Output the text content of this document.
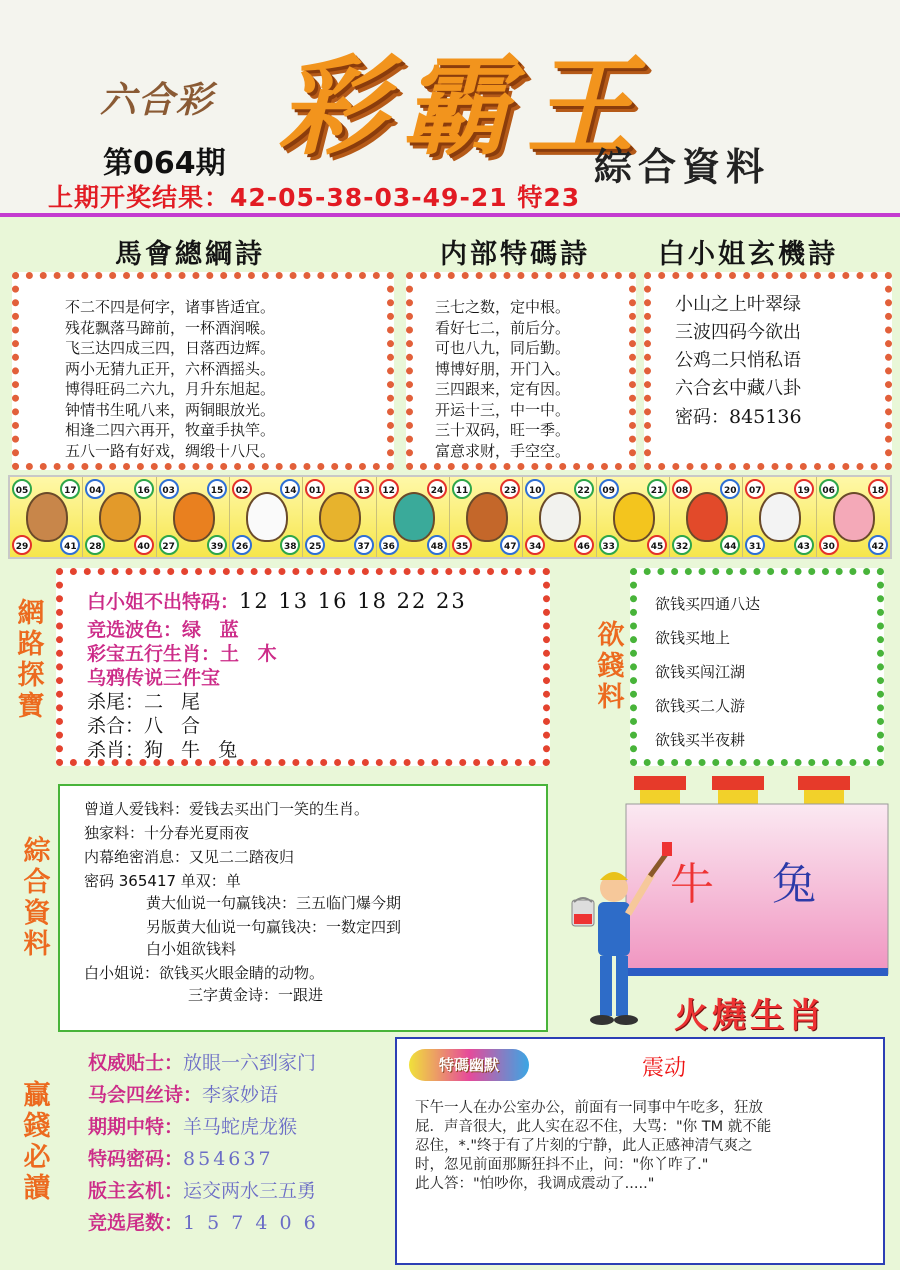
六合彩 彩霸王
第064期	綜合資料
上期开奖结果：42-05-38-03-49-21 特23
馬會總綱詩	内部特碼詩	白小姐玄機詩
不二不四是何字，诸事皆适宜。
残花飘落马蹄前，一杯酒润喉。
飞三达四成三四，日落西边辉。
两小无猜九正开，六杯酒摇头。
博得旺码二六九，月升东旭起。
钟情书生吼八来，两铜眼放光。
相逢二四六再开，牧童手执竿。
五八一路有好戏，绸缎十八尺。
三七之数，定中根。
看好七二，前后分。
可也八九，同后勤。
博博好朋，开门入。
三四跟来，定有因。
开运十三，中一中。
三十双码，旺一季。
富意求财，手空空。
小山之上叶翠绿
三波四码今欲出
公鸡二只悄私语
六合玄中藏八卦
密码：845136
05	17
29	41
04	16
28	40
03	15
27	39
02	14
26	38
01	13
25	37
12	24
36	48
11	23
35	47
10	22
34	46
09	21
33	45
08	20
32	44
07	19
31	43
06	18
30	42
網路探寶
白小姐不出特码：12 13 16 18 22 23
竞选波色：绿 蓝
彩宝五行生肖：土 木
乌鸦传说三件宝
杀尾：二 尾
杀合：八 合
杀肖：狗 牛 兔
欲錢料
欲钱买四通八达
欲钱买地上
欲钱买闯江湖
欲钱买二人游
欲钱买半夜耕
綜合資料
曾道人爱钱料：爱钱去买出门一笑的生肖。
独家料：十分春光夏雨夜
内幕绝密消息：又见二二踏夜归
密码 365417 单双：单
黄大仙说一句赢钱决：三五临门爆今期
另版黄大仙说一句赢钱决：一数定四到
白小姐欲钱料
白小姐说：欲钱买火眼金睛的动物。
三字黄金诗：一跟进
牛 兔
火燒生肖
贏錢必讀
权威贴士：放眼一六到家门
马会四丝诗：李家妙语
期期中特：羊马蛇虎龙猴
特码密码：854637
版主玄机：运交两水三五勇
竞选尾数：1 5 7 4 0 6
特碼幽默	震动
下午一人在办公室办公，前面有一同事中午吃多，狂放
屁．声音很大，此人实在忍不住，大骂："你 TM 就不能
忍住，*."终于有了片刻的宁静，此人正感神清气爽之
时，忽见前面那厮狂抖不止，问："你丫咋了."
此人答："怕吵你，我调成震动了....."
